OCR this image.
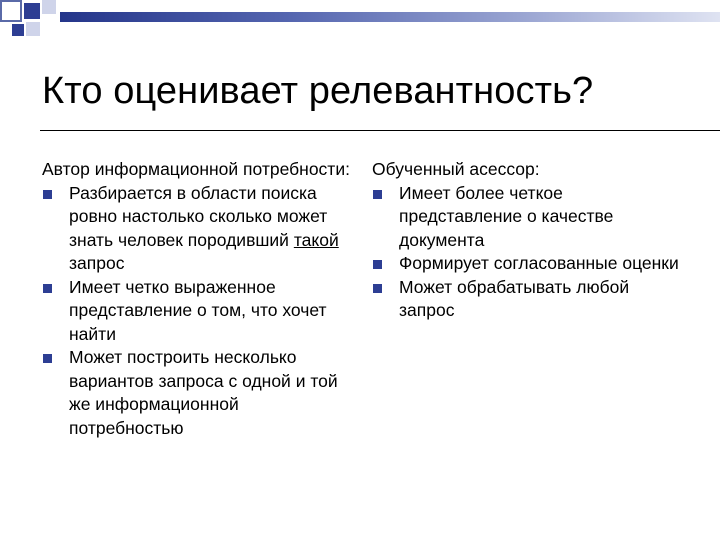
Кто оценивает релевантность?
Автор информационной потребности:
Разбирается в области поиска ровно настолько сколько может знать человек породивший такой запрос
Имеет четко выраженное представление о том, что хочет найти
Может построить несколько вариантов запроса с одной и той же информационной потребностью
Обученный асессор:
Имеет более четкое представление о качестве документа
Формирует согласованные оценки
Может обрабатывать любой запрос
